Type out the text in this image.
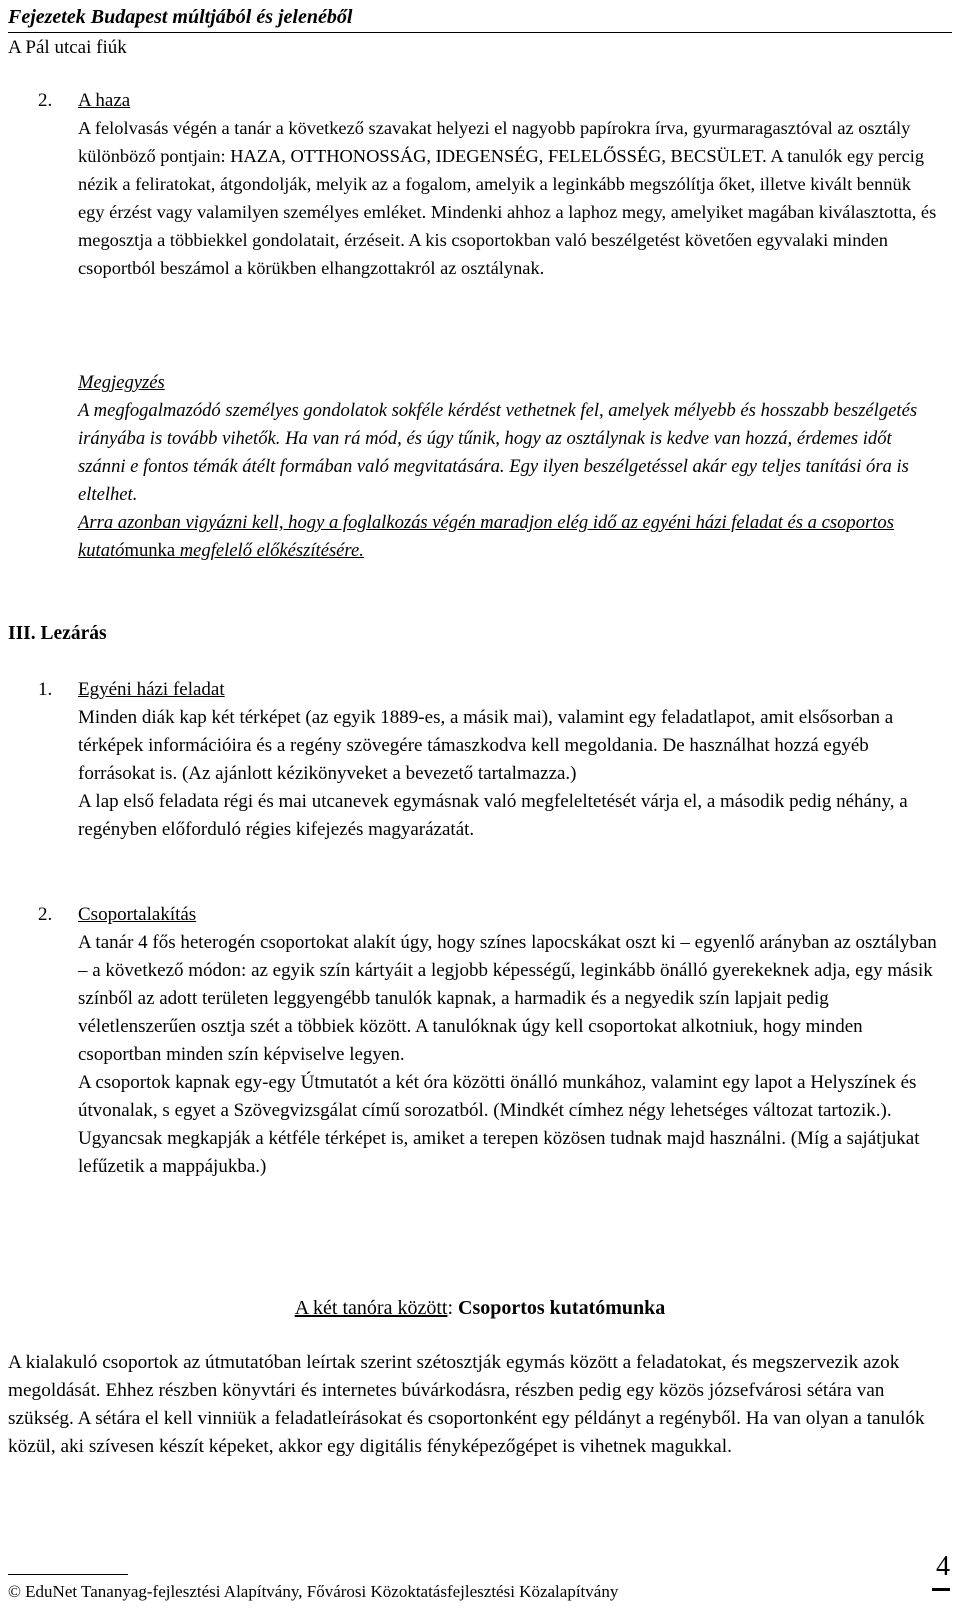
Fejezetek Budapest múltjából és jelenéből
A Pál utcai fiúk
2. A haza

A felolvasás végén a tanár a következő szavakat helyezi el nagyobb papírokra írva, gyurmaragasztóval az osztály különböző pontjain: HAZA, OTTHONOSSÁG, IDEGENSÉG, FELELŐSSÉG, BECSÜLET. A tanulók egy percig nézik a feliratokat, átgondolják, melyik az a fogalom, amelyik a leginkább megszólítja őket, illetve kivált bennük egy érzést vagy valamilyen személyes emléket. Mindenki ahhoz a laphoz megy, amelyiket magában kiválasztotta, és megosztja a többiekkel gondolatait, érzéseit. A kis csoportokban való beszélgetést követően egyvalaki minden csoportból beszámol a körükben elhangzottakról az osztálynak.

Megjegyzés

A megfogalmazódó személyes gondolatok sokféle kérdést vethetnek fel, amelyek mélyebb és hosszabb beszélgetés irányába is tovább vihetők. Ha van rá mód, és úgy tűnik, hogy az osztálynak is kedve van hozzá, érdemes időt szánni e fontos témák átélt formában való megvitatására. Egy ilyen beszélgetéssel akár egy teljes tanítási óra is eltelhet.

Arra azonban vigyázni kell, hogy a foglalkozás végén maradjon elég idő az egyéni házi feladat és a csoportos kutatómunka megfelelő előkészítésére.

III. Lezárás
1. Egyéni házi feladat

Minden diák kap két térképet (az egyik 1889-es, a másik mai), valamint egy feladatlapot, amit elsősorban a térképek információira és a regény szövegére támaszkodva kell megoldania. De használhat hozzá egyéb forrásokat is. (Az ajánlott kézikönyveket a bevezető tartalmazza.)

A lap első feladata régi és mai utcanevek egymásnak való megfeleltetését várja el, a második pedig néhány, a regényben előforduló régies kifejezés magyarázatát.

2. Csoportalakítás

A tanár 4 fős heterogén csoportokat alakít úgy, hogy színes lapocskákat oszt ki – egyenlő arányban az osztályban – a következő módon: az egyik szín kártyáit a legjobb képességű, leginkább önálló gyerekeknek adja, egy másik színből az adott területen leggyengébb tanulók kapnak, a harmadik és a negyedik szín lapjait pedig véletlenszerűen osztja szét a többiek között. A tanulóknak úgy kell csoportokat alkotniuk, hogy minden csoportban minden szín képviselve legyen.

A csoportok kapnak egy-egy Útmutatót a két óra közötti önálló munkához, valamint egy lapot a Helyszínek és útvonalak, s egyet a Szövegvizsgálat című sorozatból. (Mindkét címhez négy lehetséges változat tartozik.). Ugyancsak megkapják a kétféle térképet is, amiket a terepen közösen tudnak majd használni. (Míg a sajátjukat lefűzetik a mappájukba.)

A két tanóra között: Csoportos kutatómunka

A kialakuló csoportok az útmutatóban leírtak szerint szétosztják egymás között a feladatokat, és megszervezik azok megoldását. Ehhez részben könyvtári és internetes búvárkodásra, részben pedig egy közös józsefvárosi sétára van szükség. A sétára el kell vinniük a feladatleírásokat és csoportonként egy példányt a regényből. Ha van olyan a tanulók közül, aki szívesen készít képeket, akkor egy digitális fényképezőgépet is vihetnek magukkal.

© EduNet Tananyag-fejlesztési Alapítvány, Fővárosi Közoktatásfejlesztési Közalapítvány
4
